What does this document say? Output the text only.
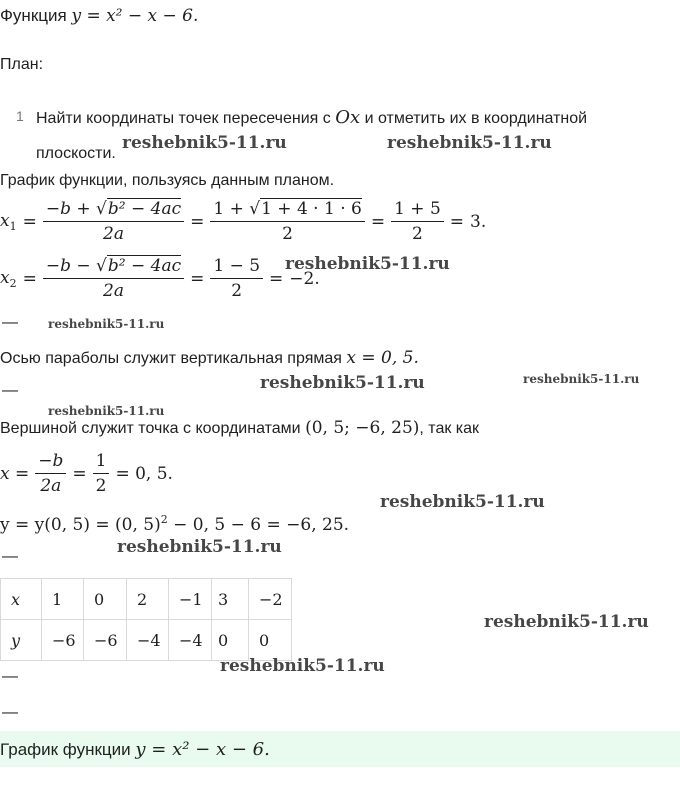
Функция y = x² − x − 6.
План:
1 Найти координаты точек пересечения с Ox и отметить их в координатной
плоскости.
График функции, пользуясь данным планом.
$x_1 = \frac{\text{−b + √b² − 4ac}}{2a} = \frac{1 + √1 + 4 \cdot 1 \cdot 6}{2} = \frac{1 + 5}{2} = 3$.
$x_2 = \frac{\text{−b − √b² − 4ac}}{2a} = \frac{1 - 5}{2} = -2$.
—
Осью параболы служит вертикальная прямая x = 0, 5.
—
Вершиной служит точка с координатами (0, 5; −6, 25), так как
$x = \frac{-b}{2a} = \frac{1}{2} = 0$, 5.
y = y(0, 5) = (0, 5)$^2$ − 0, 5 − 6 = −6, 25.
—
x	1	0	2	−1	3	−2
y	−6	−6	−4	−4	0	0
—
—
График функции y = x² − x − 6.
reshebnik5-11.ru	reshebnik5-11.ru
reshebnik5-11.ru
reshebnik5-11.ru
reshebnik5-11.ru	reshebnik5-11.ru
reshebnik5-11.ru
reshebnik5-11.ru
reshebnik5-11.ru
reshebnik5-11.ru
reshebnik5-11.ru
